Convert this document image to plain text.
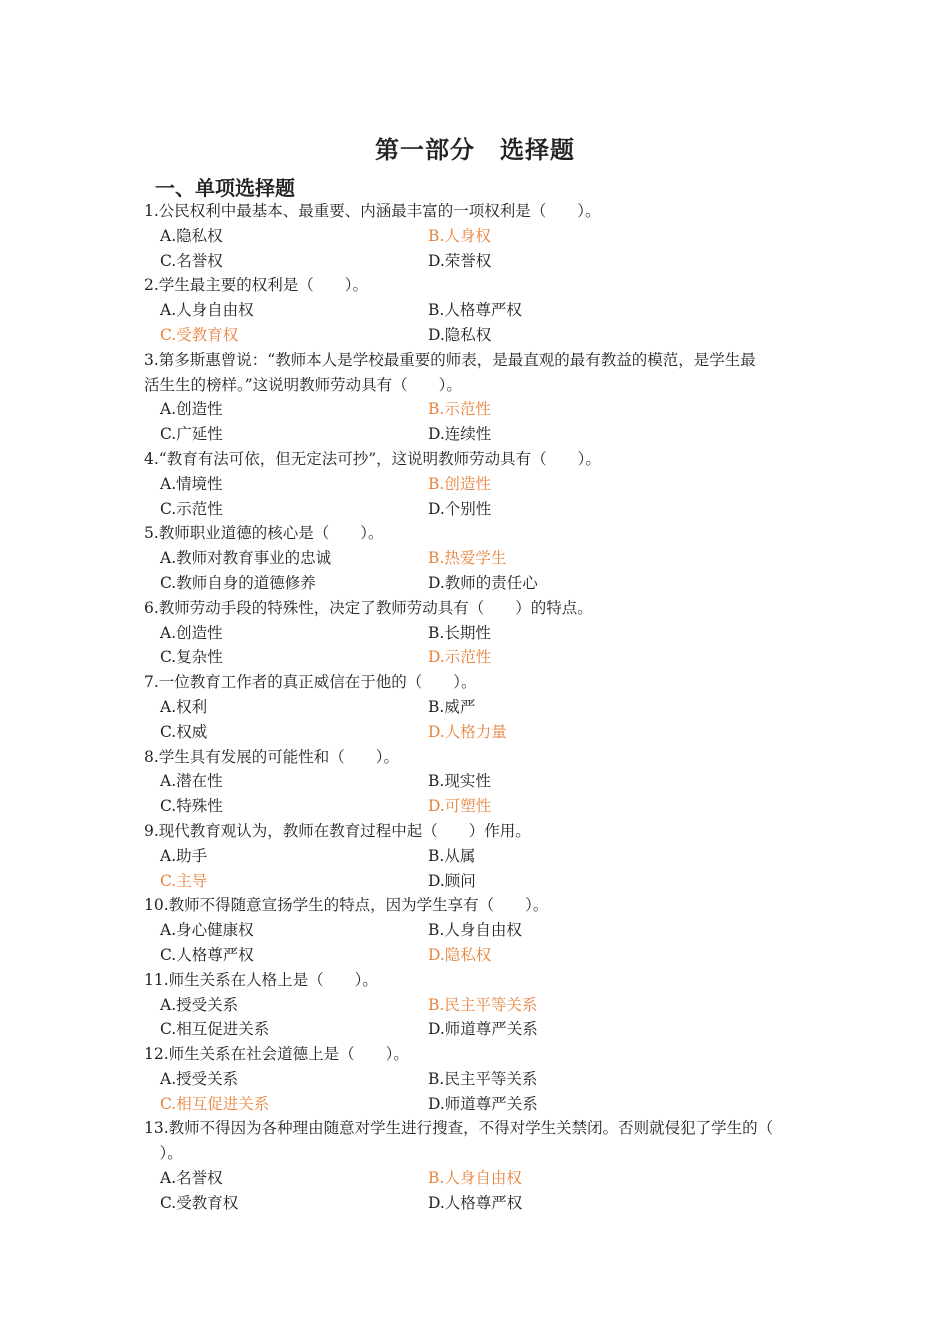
第一部分　选择题
一、单项选择题
1.公民权利中最基本、最重要、内涵最丰富的一项权利是（　　）。
A.隐私权	B.人身权
C.名誉权	D.荣誉权
2.学生最主要的权利是（　　）。
A.人身自由权	B.人格尊严权
C.受教育权	D.隐私权
3.第多斯惠曾说：“教师本人是学校最重要的师表，是最直观的最有教益的模范，是学生最
活生生的榜样。”这说明教师劳动具有（　　）。
A.创造性	B.示范性
C.广延性	D.连续性
4.“教育有法可依，但无定法可抄”，这说明教师劳动具有（　　）。
A.情境性	B.创造性
C.示范性	D.个别性
5.教师职业道德的核心是（　　）。
A.教师对教育事业的忠诚	B.热爱学生
C.教师自身的道德修养	D.教师的责任心
6.教师劳动手段的特殊性，决定了教师劳动具有（　　）的特点。
A.创造性	B.长期性
C.复杂性	D.示范性
7.一位教育工作者的真正威信在于他的（　　）。
A.权利	B.威严
C.权威	D.人格力量
8.学生具有发展的可能性和（　　）。
A.潜在性	B.现实性
C.特殊性	D.可塑性
9.现代教育观认为，教师在教育过程中起（　　）作用。
A.助手	B.从属
C.主导	D.顾问
10.教师不得随意宣扬学生的特点，因为学生享有（　　）。
A.身心健康权	B.人身自由权
C.人格尊严权	D.隐私权
11.师生关系在人格上是（　　）。
A.授受关系	B.民主平等关系
C.相互促进关系	D.师道尊严关系
12.师生关系在社会道德上是（　　）。
A.授受关系	B.民主平等关系
C.相互促进关系	D.师道尊严关系
13.教师不得因为各种理由随意对学生进行搜查，不得对学生关禁闭。否则就侵犯了学生的（
　）。
A.名誉权	B.人身自由权
C.受教育权	D.人格尊严权
